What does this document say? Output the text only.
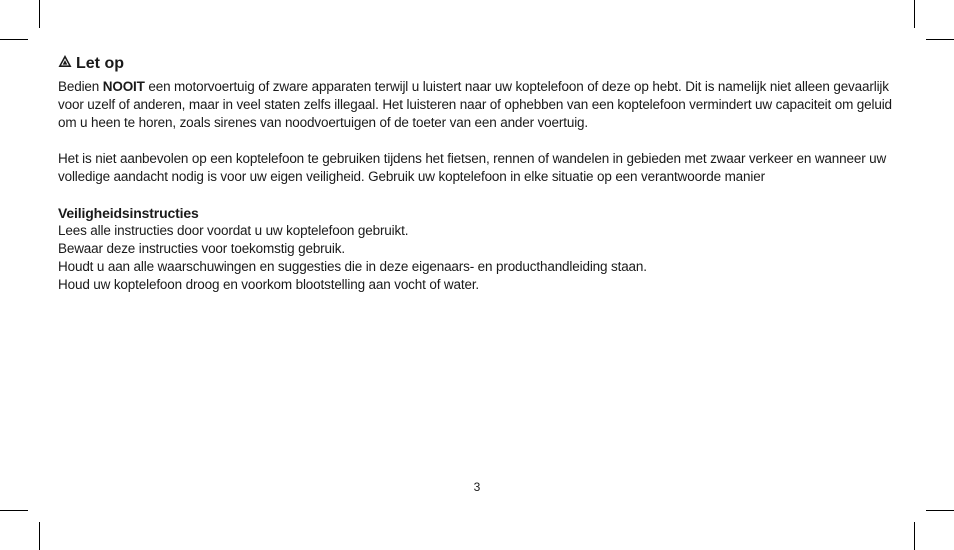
Let op

Bedien NOOIT een motorvoertuig of zware apparaten terwijl u luistert naar uw koptelefoon of deze op hebt. Dit is namelijk niet alleen gevaarlijk voor uzelf of anderen, maar in veel staten zelfs illegaal. Het luisteren naar of ophebben van een koptelefoon vermindert uw capaciteit om geluid om u heen te horen, zoals sirenes van noodvoertuigen of de toeter van een ander voertuig.

Het is niet aanbevolen op een koptelefoon te gebruiken tijdens het fietsen, rennen of wandelen in gebieden met zwaar verkeer en wanneer uw volledige aandacht nodig is voor uw eigen veiligheid. Gebruik uw koptelefoon in elke situatie op een verantwoorde manier

Veiligheidsinstructies

Lees alle instructies door voordat u uw koptelefoon gebruikt.

Bewaar deze instructies voor toekomstig gebruik.

Houdt u aan alle waarschuwingen en suggesties die in deze eigenaars- en producthandleiding staan.

Houd uw koptelefoon droog en voorkom blootstelling aan vocht of water.

3
